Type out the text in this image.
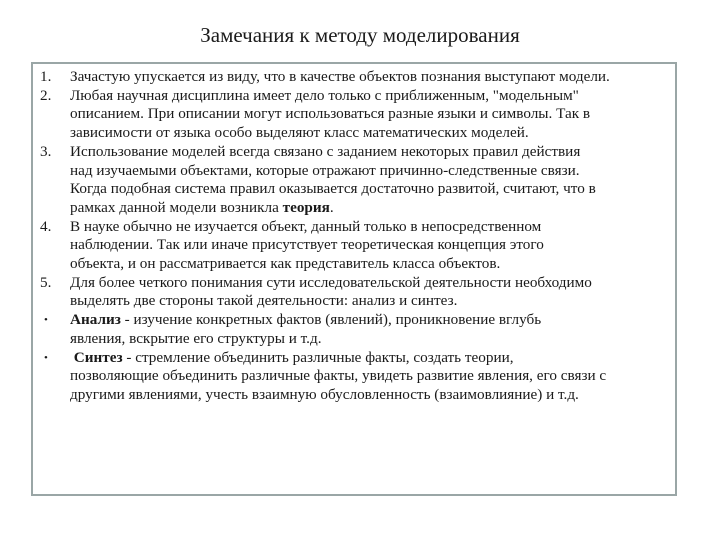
Замечания к методу моделирования
1.	Зачастую упускается из виду, что в качестве объектов познания выступают модели.
2.	Любая научная дисциплина имеет дело только с приближенным, "модельным"
описанием. При описании могут использоваться разные языки и символы. Так в
зависимости от языка особо выделяют класс математических моделей.
3.	Использование моделей всегда связано с заданием некоторых правил действия
над изучаемыми объектами, которые отражают причинно-следственные связи.
Когда подобная система правил оказывается достаточно развитой, считают, что в
рамках данной модели возникла теория.
4.	В науке обычно не изучается объект, данный только в непосредственном
наблюдении. Так или иначе присутствует теоретическая концепция этого
объекта, и он рассматривается как представитель класса объектов.
5.	Для более четкого понимания сути исследовательской деятельности необходимо
выделять две стороны такой деятельности: анализ и синтез.
•	Анализ - изучение конкретных фактов (явлений), проникновение вглубь
явления, вскрытие его структуры и т.д.
•	Синтез - стремление объединить различные факты, создать теории,
позволяющие объединить различные факты, увидеть развитие явления, его связи с
другими явлениями, учесть взаимную обусловленность (взаимовлияние) и т.д.
